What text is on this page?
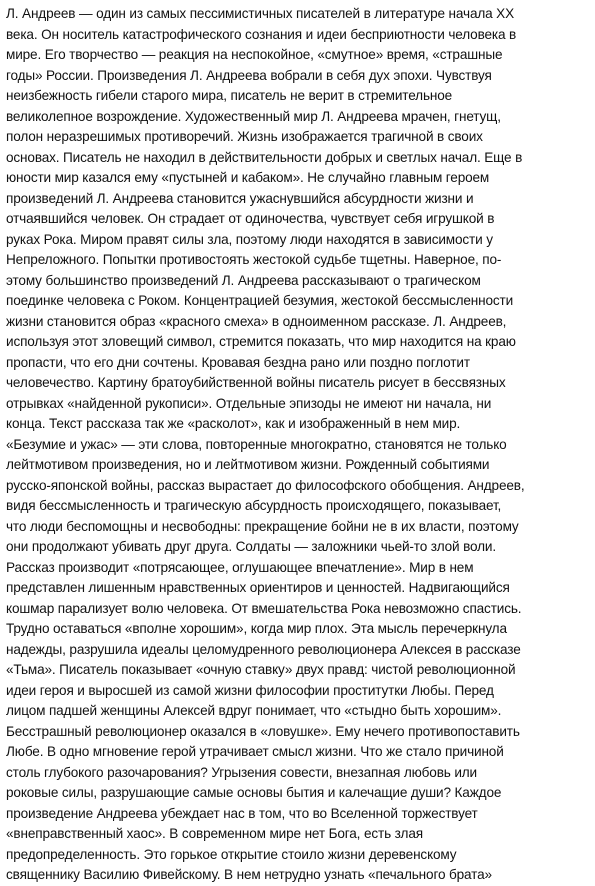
Л. Андреев — один из самых пессимистичных писателей в литературе начала ХХ
века. Он носитель катастрофического сознания и идеи бесприютности человека в
мире. Его творчество — реакция на неспокойное, «смутное» время, «страшные
годы» России. Произведения Л. Андреева вобрали в себя дух эпохи. Чувствуя
неизбежность гибели старого мира, писатель не верит в стремительное
великолепное возрождение. Художественный мир Л. Андреева мрачен, гнетущ,
полон неразрешимых противоречий. Жизнь изображается трагичной в своих
основах. Писатель не находил в действительности добрых и светлых начал. Еще в
юности мир казался ему «пустыней и кабаком». Не случайно главным героем
произведений Л. Андреева становится ужаснувшийся абсурдности жизни и
отчаявшийся человек. Он страдает от одиночества, чувствует себя игрушкой в
руках Рока. Миром правят силы зла, поэтому люди находятся в зависимости у
Непреложного. Попытки противостоять жестокой судьбе тщетны. Наверное, по-
этому большинство произведений Л. Андреева рассказывают о трагическом
поединке человека с Роком. Концентрацией безумия, жестокой бессмысленности
жизни становится образ «красного смеха» в одноименном рассказе. Л. Андреев,
используя этот зловещий символ, стремится показать, что мир находится на краю
пропасти, что его дни сочтены. Кровавая бездна рано или поздно поглотит
человечество. Картину братоубийственной войны писатель рисует в бессвязных
отрывках «найденной рукописи». Отдельные эпизоды не имеют ни начала, ни
конца. Текст рассказа так же «расколот», как и изображенный в нем мир.
«Безумие и ужас» — эти слова, повторенные многократно, становятся не только
лейтмотивом произведения, но и лейтмотивом жизни. Рожденный событиями
русско-японской войны, рассказ вырастает до философского обобщения. Андреев,
видя бессмысленность и трагическую абсурдность происходящего, показывает,
что люди беспомощны и несвободны: прекращение бойни не в их власти, поэтому
они продолжают убивать друг друга. Солдаты — заложники чьей-то злой воли.
Рассказ производит «потрясающее, оглушающее впечатление». Мир в нем
представлен лишенным нравственных ориентиров и ценностей. Надвигающийся
кошмар парализует волю человека. От вмешательства Рока невозможно спастись.
Трудно оставаться «вполне хорошим», когда мир плох. Эта мысль перечеркнула
надежды, разрушила идеалы целомудренного революционера Алексея в рассказе
«Тьма». Писатель показывает «очную ставку» двух правд: чистой революционной
идеи героя и выросшей из самой жизни философии проститутки Любы. Перед
лицом падшей женщины Алексей вдруг понимает, что «стыдно быть хорошим».
Бесстрашный революционер оказался в «ловушке». Ему нечего противопоставить
Любе. В одно мгновение герой утрачивает смысл жизни. Что же стало причиной
столь глубокого разочарования? Угрызения совести, внезапная любовь или
роковые силы, разрушающие самые основы бытия и калечащие души? Каждое
произведение Андреева убеждает нас в том, что во Вселенной торжествует
«внеправственный хаос». В современном мире нет Бога, есть злая
предопределенность. Это горькое открытие стоило жизни деревенскому
священнику Василию Фивейскому. В нем нетрудно узнать «печального брата»
